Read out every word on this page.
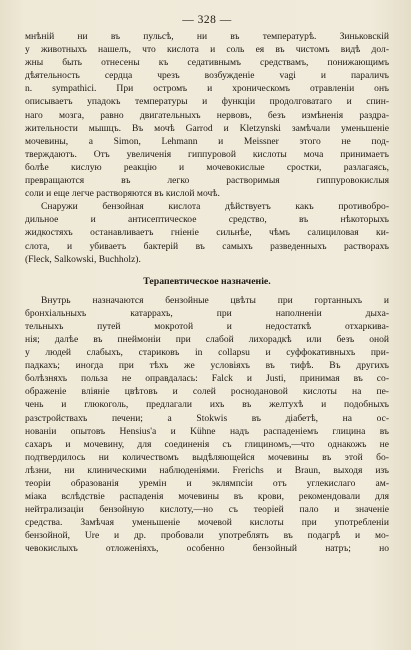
— 328 —

мнѣній ни въ пульсѣ, ни въ температурѣ. Зиньковскій
у животныхъ нашелъ, что кислота и соль ея въ чистомъ видѣ дол-
жны быть отнесены къ седативнымъ средствамъ, понижающимъ
дѣятельность сердца чрезъ возбужденіе vagi и параличъ
n. sympathici. При остромъ и хроническомъ отравленіи онъ
описываетъ упадокъ температуры и функціи продолговатаго и спин-
наго мозга, равно двигательныхъ нервовъ, безъ измѣненія раздра-
жительности мышцъ. Въ мочѣ Garrod и Kletzynski замѣчали уменьшеніе
мочевины, а Simon, Lehmann и Meissner этого не под-
тверждаютъ. Отъ увеличенія гиппуровой кислоты моча принимаетъ
болѣе кислую реакцію и мочевокислые сростки, разлагаясь,
превращаются въ легко растворимыя гиппуровокислыя
соли и еще легче растворяются въ кислой мочѣ.

Снаружи бензойная кислота дѣйствуетъ какъ противобро-
дильное и антисептическое средство, въ нѣкоторыхъ
жидкостяхъ останавливаетъ гніеніе сильнѣе, чѣмъ салициловая ки-
слота, и убиваетъ бактерій въ самыхъ разведенныхъ растворахъ
(Fleck, Salkowski, Buchholz).

Терапевтическое назначеніе.

Внутрь назначаются бензойные цвѣты при гортанныхъ и
бронхіальныхъ катаррахъ, при наполненіи дыха-
тельныхъ путей мокротой и недостаткѣ отхаркива-
нія; далѣе въ пнеймоніи при слабой лихорадкѣ или безъ оной
у людей слабыхъ, стариковъ in collapsu и суффокативныхъ при-
падкахъ; иногда при тѣхъ же условіяхъ въ тифѣ. Въ другихъ
болѣзняхъ польза не оправдалась: Falck и Justi, принимая въ со-
ображеніе вліяніе цвѣтовъ и солей роснодановой кислоты на пе-
чень и глюкоголь, предлагали ихъ въ желтухѣ и подобныхъ
разстройствахъ печени; а Stokwis въ діабетѣ, на ос-
нованіи опытовъ Hensius'а и Kühne надъ распаденіемъ глицина въ
сахаръ и мочевину, для соединенія съ глициномъ,—что однакожъ не
подтвердилось ни количествомъ выдѣляющейся мочевины въ этой бо-
лѣзни, ни клиническими наблюденіями. Frerichs и Braun, выходя изъ
теоріи образованія уремін и эклямпсіи отъ углекислаго ам-
міака вслѣдствіе распаденія мочевины въ крови, рекомендовали для
нейтрализаціи бензойную кислоту,—но съ теоріей пало и значеніе
средства. Замѣчая уменьшеніе мочевой кислоты при употребленіи
бензойной, Ure и др. пробовали употреблять въ подагрѣ и мо-
чевокислыхъ отложеніяхъ, особенно бензойный натръ; но
